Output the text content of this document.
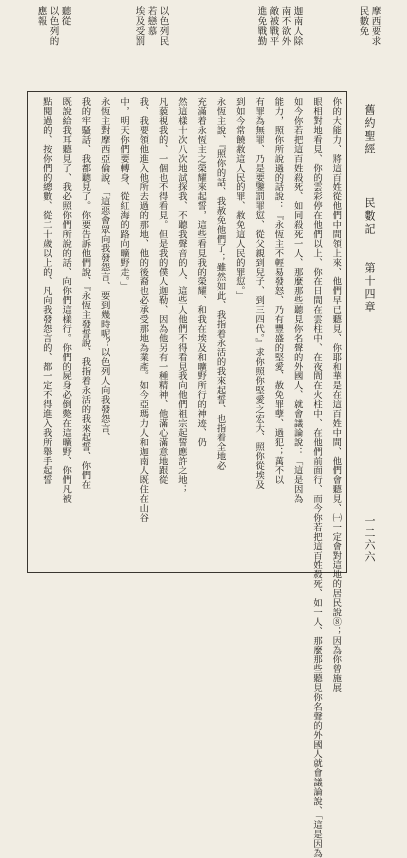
摩西要求
民數免
迦南人除
南不欲外
敵被戰平
進免戰勤
以色列民
若戀慕
埃及受罰
聽從
以色列的
應報
舊約聖經
民數記
第十四章
一二六六
你的大能力、將這百姓從他們中間領上來、他們早已聽見、你耶和華是在這百姓中間、他們會聽見、㈠一定會對這地的居民說⑧；因為你曾施展
眼相對地看見、你的雲彩停在他們以上、你在日間在雲柱中、在夜間在火柱中、在他們前面行、而今你若把這百姓殺死、如一人、那麼那些聽見你名聲的外國人就會議論說、「這是因為
如今你若把這百姓殺死、如同殺死一人、那麼那些聽見你名聲的外國人、就會議論說：「這是因為
能力，照你所說過的話說：『永恆主不輕易發怒、乃有豐盛的堅愛、赦免罪孽、過犯；萬不以
有罪為無罪、乃是要鑒罰罪愆、從父親到兒子、到三四代。』求你照你堅愛之宏大、照你從埃及
到如今常饒赦這人民的罪、赦免這人民的罪愆。」
永恆主說、『照你的話、我赦免他們了；雖然如此、我指着永活的我來起誓、也指着全地必
充滿着永恆主之榮耀來起誓，這些看見我的榮耀、和我在埃及和曠野所行的神迹、仍
然這樣十次八次地試探我、不聽我聲音的人、這些人他們不得看見我向他們祖宗起誓應許之地；
凡藐視我的、一個也不得看見。但是我的僕人迦勒、因為他另有一種精神、他滿心滿意地跟從
我、我要領他進入他所去過的那地、他的後裔也必承受那地為業產。如今亞瑪力人和迦南人既住在山谷
中，明天你們要轉身、從紅海的路向曠野走。」
永恆主對摩西亞倫說、「這惡會眾向我發怨言、要到幾時呢？以色列人向我發怨言、
我的牢騷話、我都聽見了。你要告訴他們說、『永恆主發誓說、我指着永活的我來起誓、你們在
既說給我耳聽見了、我必照你們所說的話、向你們這樣行。你們的屍身必倒斃在這曠野、你們凡被
點閱過的、按你們的總數、從二十歲以上的、凡向我發怨言的、都一定不得進入我所舉手起誓
